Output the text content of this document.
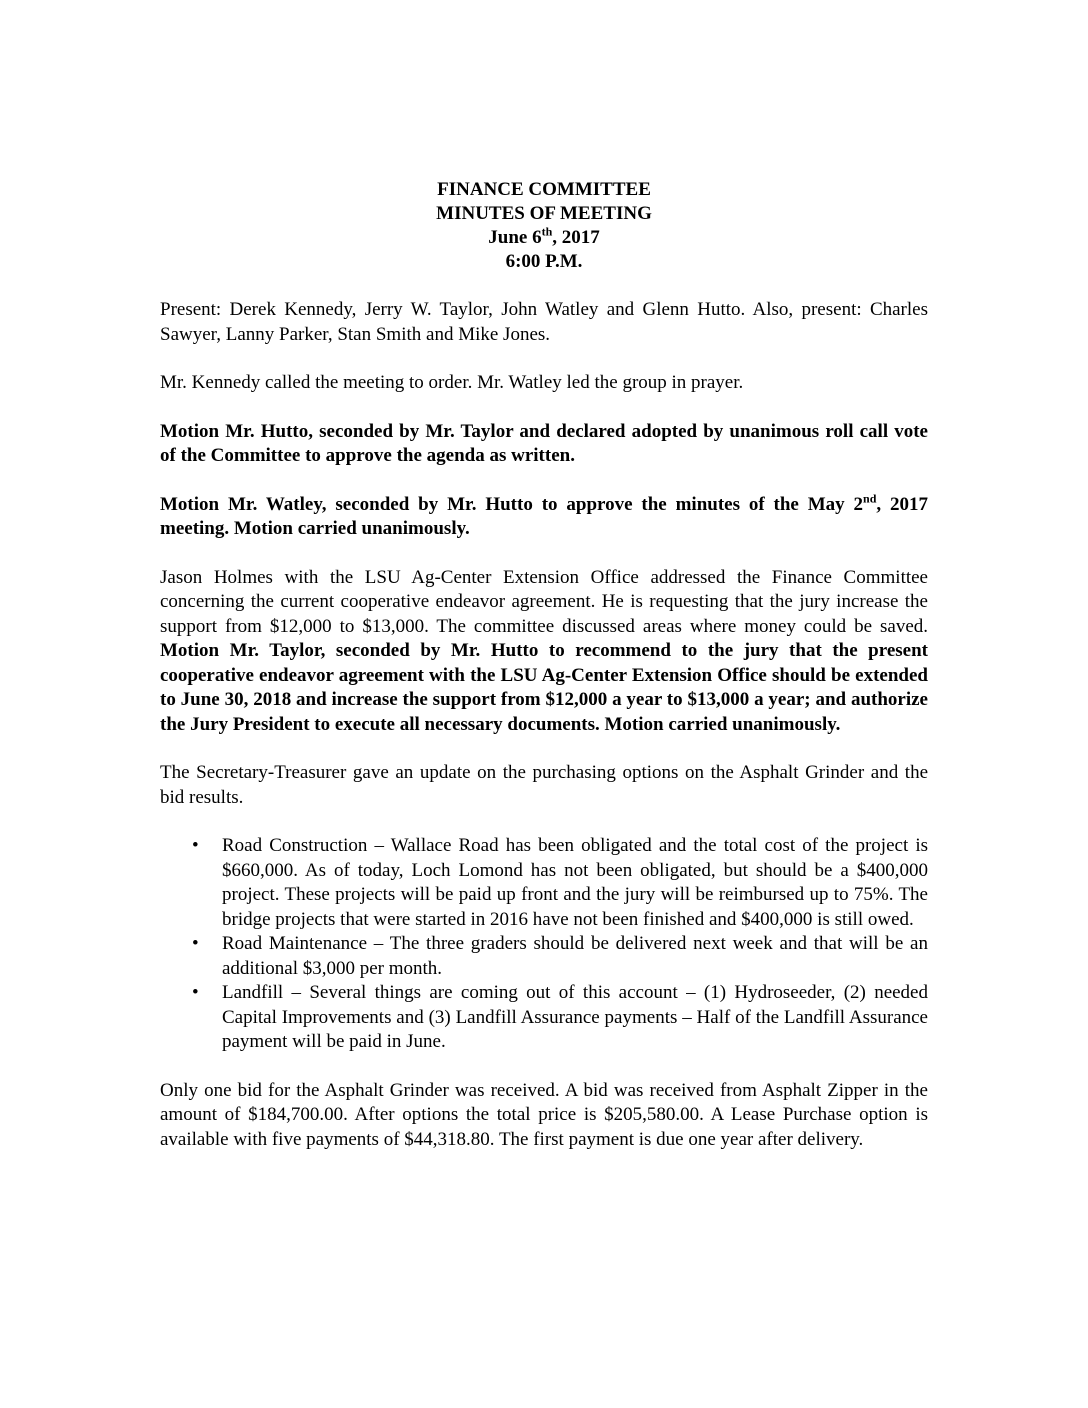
FINANCE COMMITTEE
MINUTES OF MEETING
June 6th, 2017
6:00 P.M.

Present: Derek Kennedy, Jerry W. Taylor, John Watley and Glenn Hutto. Also, present: Charles Sawyer, Lanny Parker, Stan Smith and Mike Jones.

Mr. Kennedy called the meeting to order. Mr. Watley led the group in prayer.

Motion Mr. Hutto, seconded by Mr. Taylor and declared adopted by unanimous roll call vote of the Committee to approve the agenda as written.

Motion Mr. Watley, seconded by Mr. Hutto to approve the minutes of the May 2nd, 2017 meeting. Motion carried unanimously.

Jason Holmes with the LSU Ag-Center Extension Office addressed the Finance Committee concerning the current cooperative endeavor agreement. He is requesting that the jury increase the support from $12,000 to $13,000. The committee discussed areas where money could be saved. Motion Mr. Taylor, seconded by Mr. Hutto to recommend to the jury that the present cooperative endeavor agreement with the LSU Ag-Center Extension Office should be extended to June 30, 2018 and increase the support from $12,000 a year to $13,000 a year; and authorize the Jury President to execute all necessary documents. Motion carried unanimously.

The Secretary-Treasurer gave an update on the purchasing options on the Asphalt Grinder and the bid results.

• Road Construction – Wallace Road has been obligated and the total cost of the project is $660,000. As of today, Loch Lomond has not been obligated, but should be a $400,000 project. These projects will be paid up front and the jury will be reimbursed up to 75%. The bridge projects that were started in 2016 have not been finished and $400,000 is still owed.
• Road Maintenance – The three graders should be delivered next week and that will be an additional $3,000 per month.
• Landfill – Several things are coming out of this account – (1) Hydroseeder, (2) needed Capital Improvements and (3) Landfill Assurance payments – Half of the Landfill Assurance payment will be paid in June.

Only one bid for the Asphalt Grinder was received. A bid was received from Asphalt Zipper in the amount of $184,700.00. After options the total price is $205,580.00. A Lease Purchase option is available with five payments of $44,318.80. The first payment is due one year after delivery.
